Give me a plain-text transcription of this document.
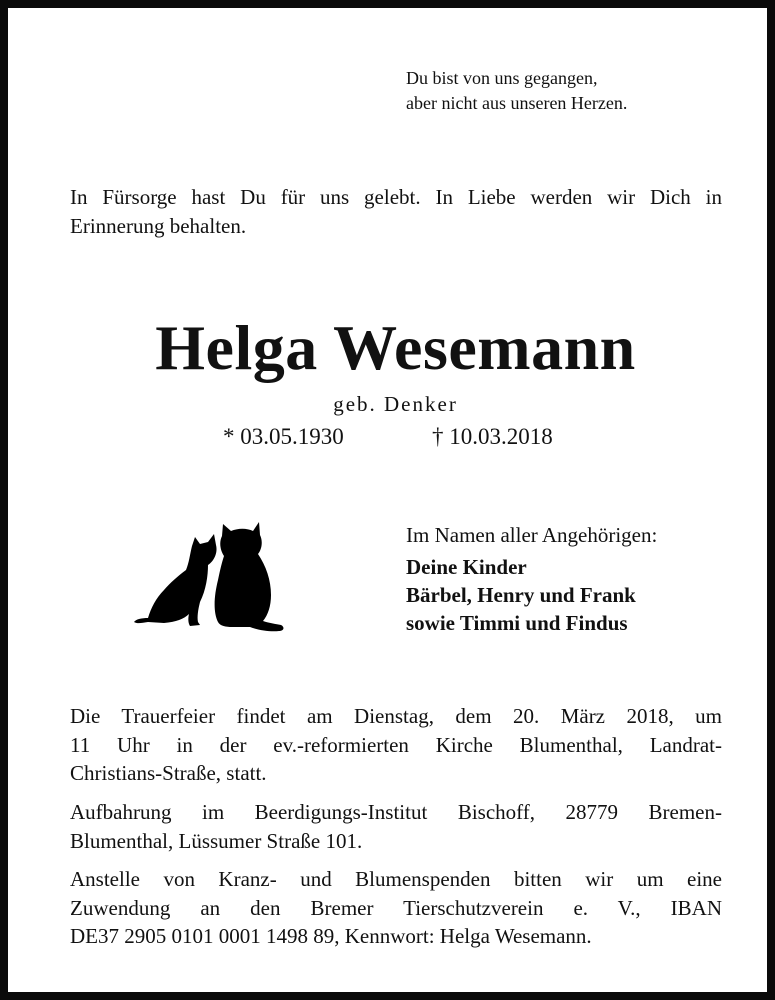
Du bist von uns gegangen,
aber nicht aus unseren Herzen.
In Fürsorge hast Du für uns gelebt. In Liebe werden wir Dich in
Erinnerung behalten.
Helga Wesemann
geb. Denker
* 03.05.1930	† 10.03.2018
Im Namen aller Angehörigen:
Deine Kinder
Bärbel, Henry und Frank
sowie Timmi und Findus
Die Trauerfeier findet am Dienstag, dem 20. März 2018, um
11 Uhr in der ev.-reformierten Kirche Blumenthal, Landrat-
Christians-Straße, statt.
Aufbahrung im Beerdigungs-Institut Bischoff, 28779 Bremen-
Blumenthal, Lüssumer Straße 101.
Anstelle von Kranz- und Blumenspenden bitten wir um eine
Zuwendung an den Bremer Tierschutzverein e. V., IBAN
DE37 2905 0101 0001 1498 89, Kennwort: Helga Wesemann.
